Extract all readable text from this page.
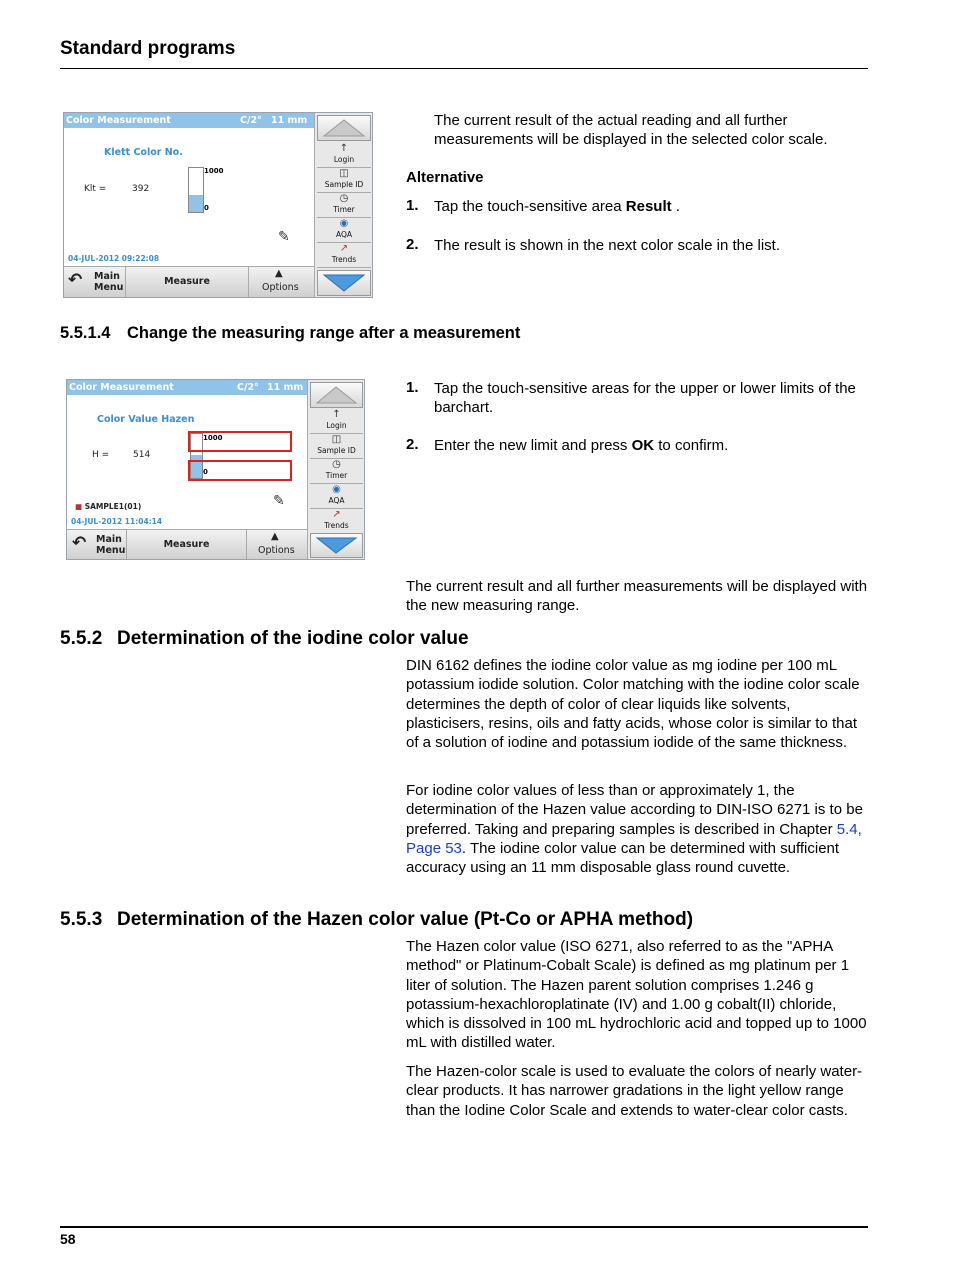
Standard programs
Color Measurement	C/2° 11 mm o
Klett Color No.
Klt =	392
1000
0
✎
04-JUL-2012 09:22:08
↶ Main
Menu
Measure
▲
Options
↑
Login
◫
Sample ID
◷
Timer
◉
AQA
↗
Trends

The current result of the actual reading and all further measurements will be displayed in the selected color scale.

Alternative
1. Tap the touch-sensitive area Result .
2. The result is shown in the next color scale in the list.
5.5.1.4 Change the measuring range after a measurement
Color Measurement	C/2° 11 mm o
Color Value Hazen
H =	514
1000
0
✎
■ SAMPLE1(01)
04-JUL-2012 11:04:14
↶ Main
Menu
Measure
▲
Options
↑
Login
◫
Sample ID
◷
Timer
◉
AQA
↗
Trends
1. Tap the touch-sensitive areas for the upper or lower limits of the barchart.
2. Enter the new limit and press OK to confirm.

The current result and all further measurements will be displayed with the new measuring range.

5.5.2 Determination of the iodine color value

DIN 6162 defines the iodine color value as mg iodine per 100 mL potassium iodide solution. Color matching with the iodine color scale determines the depth of color of clear liquids like solvents, plasticisers, resins, oils and fatty acids, whose color is similar to that of a solution of iodine and potassium iodide of the same thickness.

For iodine color values of less than or approximately 1, the determination of the Hazen value according to DIN-ISO 6271 is to be preferred. Taking and preparing samples is described in Chapter 5.4, Page 53. The iodine color value can be determined with sufficient accuracy using an 11 mm disposable glass round cuvette.

5.5.3 Determination of the Hazen color value (Pt-Co or APHA method)

The Hazen color value (ISO 6271, also referred to as the "APHA method" or Platinum-Cobalt Scale) is defined as mg platinum per 1 liter of solution. The Hazen parent solution comprises 1.246 g potassium-hexachloroplatinate (IV) and 1.00 g cobalt(II) chloride, which is dissolved in 100 mL hydrochloric acid and topped up to 1000 mL with distilled water.

The Hazen-color scale is used to evaluate the colors of nearly water-clear products. It has narrower gradations in the light yellow range than the Iodine Color Scale and extends to water-clear color casts.

58
